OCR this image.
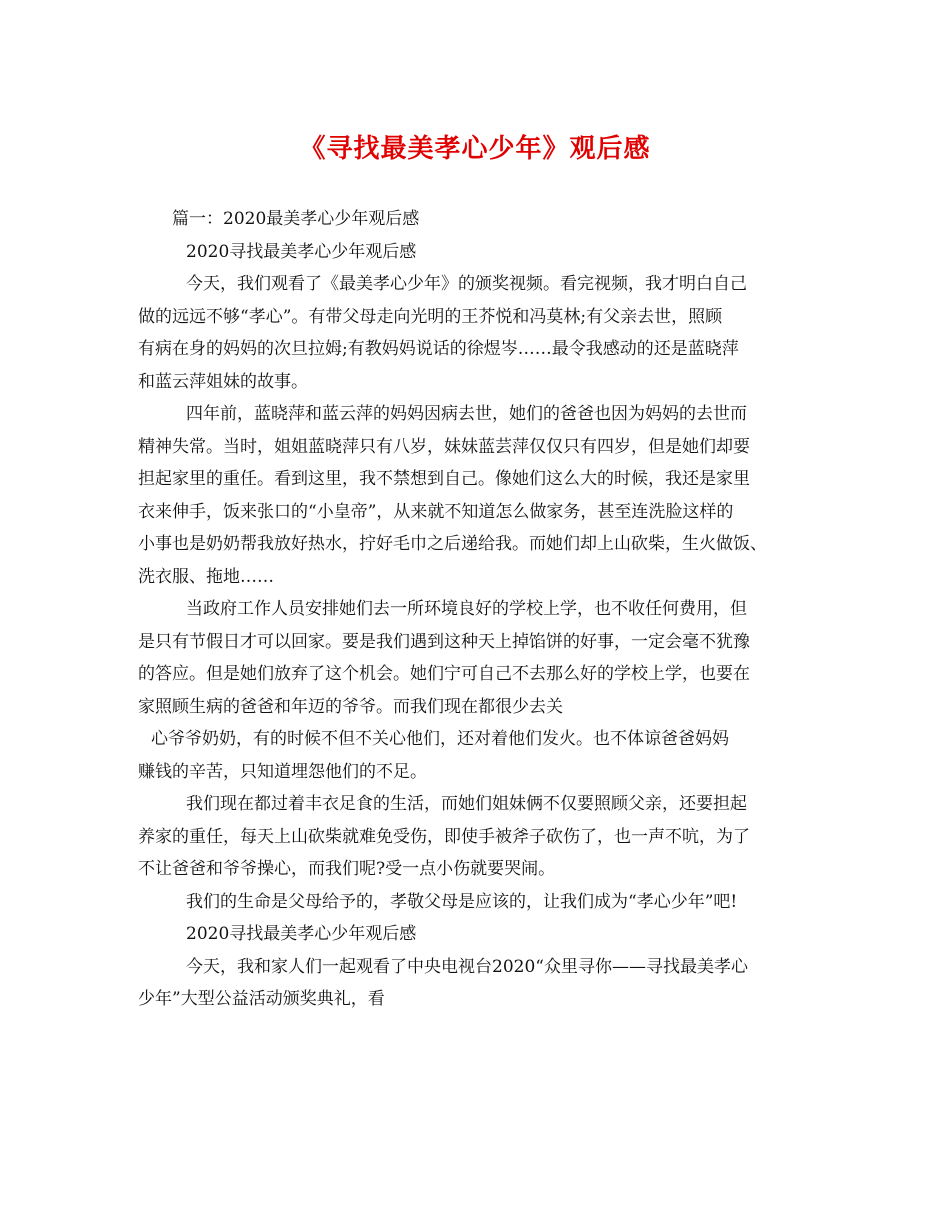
《寻找最美孝心少年》观后感
篇一：2020最美孝心少年观后感
2020寻找最美孝心少年观后感
今天，我们观看了《最美孝心少年》的颁奖视频。看完视频，我才明白自己
做的远远不够“孝心”。有带父母走向光明的王芥悦和冯莫林;有父亲去世，照顾
有病在身的妈妈的次旦拉姆;有教妈妈说话的徐煜岑……最令我感动的还是蓝晓萍
和蓝云萍姐妹的故事。
四年前，蓝晓萍和蓝云萍的妈妈因病去世，她们的爸爸也因为妈妈的去世而
精神失常。当时，姐姐蓝晓萍只有八岁，妹妹蓝芸萍仅仅只有四岁，但是她们却要
担起家里的重任。看到这里，我不禁想到自己。像她们这么大的时候，我还是家里
衣来伸手，饭来张口的“小皇帝”，从来就不知道怎么做家务，甚至连洗脸这样的
小事也是奶奶帮我放好热水，拧好毛巾之后递给我。而她们却上山砍柴，生火做饭、
洗衣服、拖地……
当政府工作人员安排她们去一所环境良好的学校上学，也不收任何费用，但
是只有节假日才可以回家。要是我们遇到这种天上掉馅饼的好事，一定会毫不犹豫
的答应。但是她们放弃了这个机会。她们宁可自己不去那么好的学校上学，也要在
家照顾生病的爸爸和年迈的爷爷。而我们现在都很少去关
心爷爷奶奶，有的时候不但不关心他们，还对着他们发火。也不体谅爸爸妈妈
赚钱的辛苦，只知道埋怨他们的不足。
我们现在都过着丰衣足食的生活，而她们姐妹俩不仅要照顾父亲，还要担起
养家的重任，每天上山砍柴就难免受伤，即使手被斧子砍伤了，也一声不吭，为了
不让爸爸和爷爷操心，而我们呢?受一点小伤就要哭闹。
我们的生命是父母给予的，孝敬父母是应该的，让我们成为“孝心少年”吧!
2020寻找最美孝心少年观后感
今天，我和家人们一起观看了中央电视台2020“众里寻你——寻找最美孝心
少年”大型公益活动颁奖典礼，看
